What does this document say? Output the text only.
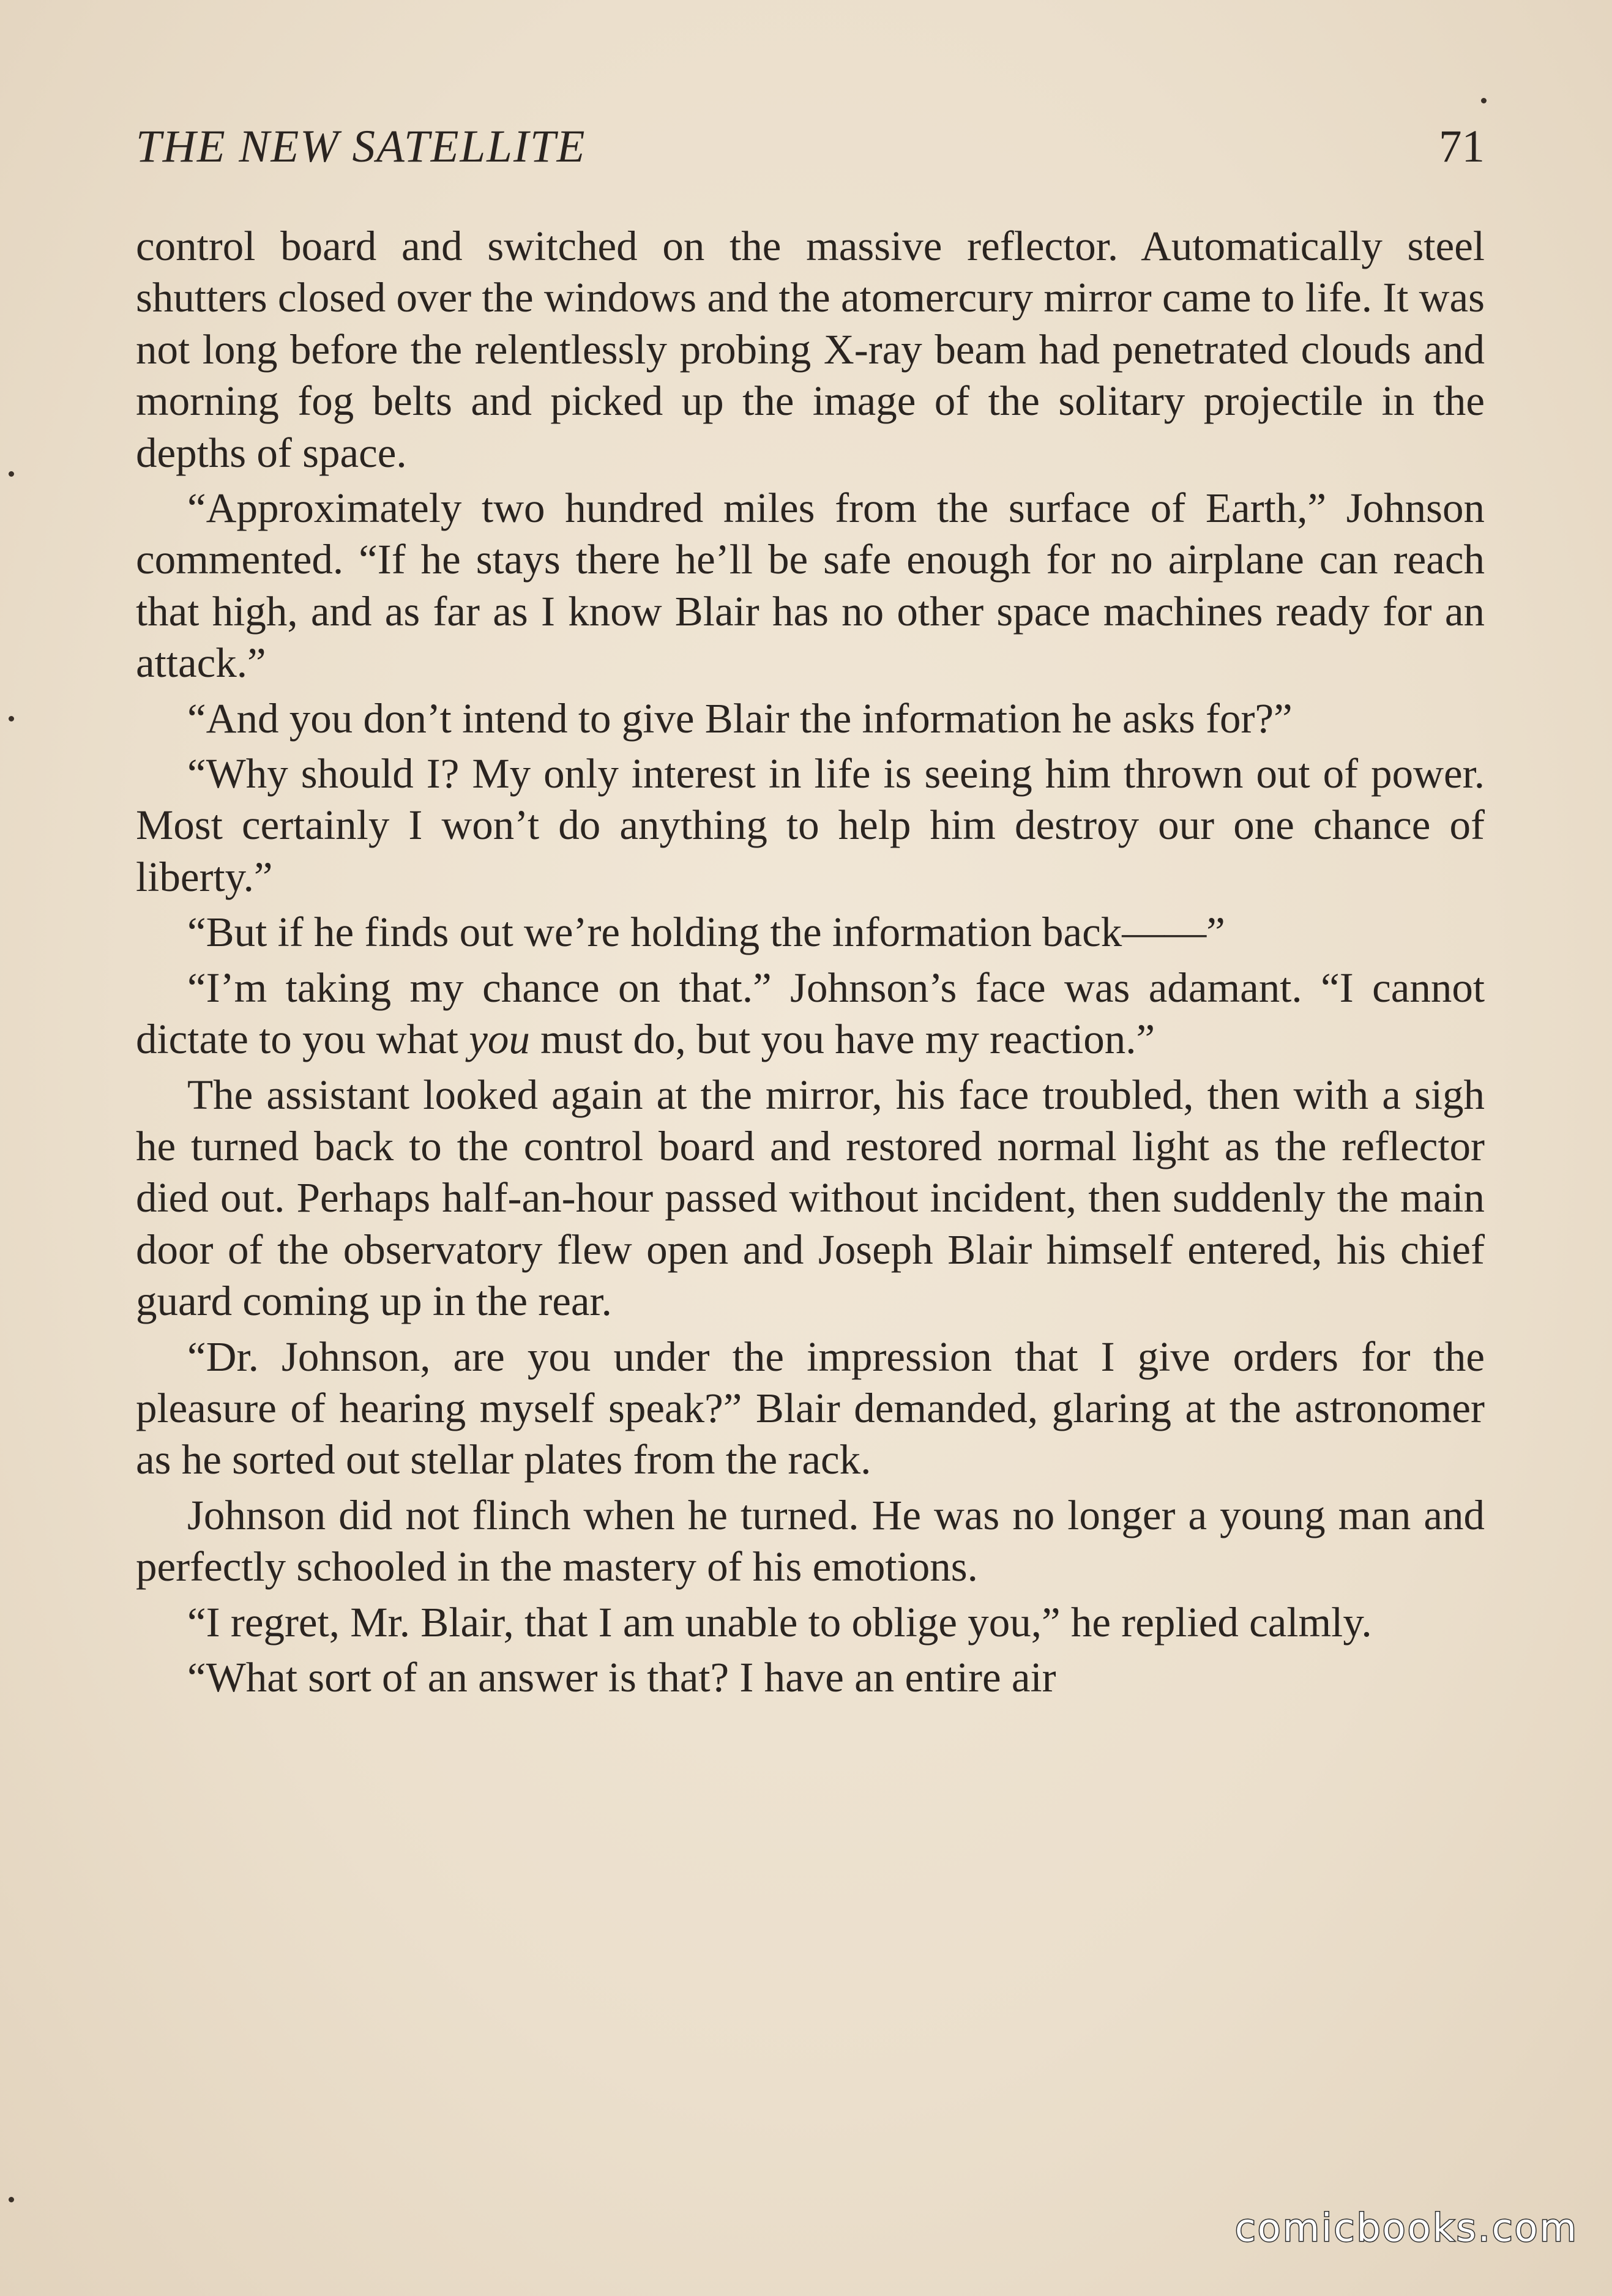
THE NEW SATELLITE	71

control board and switched on the massive reflector. Automatically steel shutters closed over the windows and the atomercury mirror came to life. It was not long before the relentlessly probing X-ray beam had penetrated clouds and morning fog belts and picked up the image of the solitary projectile in the depths of space.

“Approximately two hundred miles from the surface of Earth,” Johnson commented. “If he stays there he’ll be safe enough for no airplane can reach that high, and as far as I know Blair has no other space machines ready for an attack.”

“And you don’t intend to give Blair the information he asks for?”

“Why should I? My only interest in life is seeing him thrown out of power. Most certainly I won’t do anything to help him destroy our one chance of liberty.”

“But if he finds out we’re holding the information back——”

“I’m taking my chance on that.” Johnson’s face was adamant. “I cannot dictate to you what you must do, but you have my reaction.”

The assistant looked again at the mirror, his face troubled, then with a sigh he turned back to the control board and restored normal light as the reflector died out. Perhaps half-an-hour passed without incident, then suddenly the main door of the observatory flew open and Joseph Blair himself entered, his chief guard coming up in the rear.

“Dr. Johnson, are you under the impression that I give orders for the pleasure of hearing myself speak?” Blair demanded, glaring at the astronomer as he sorted out stellar plates from the rack.

Johnson did not flinch when he turned. He was no longer a young man and perfectly schooled in the mastery of his emotions.

“I regret, Mr. Blair, that I am unable to oblige you,” he replied calmly.

“What sort of an answer is that? I have an entire air

comicbooks.com
